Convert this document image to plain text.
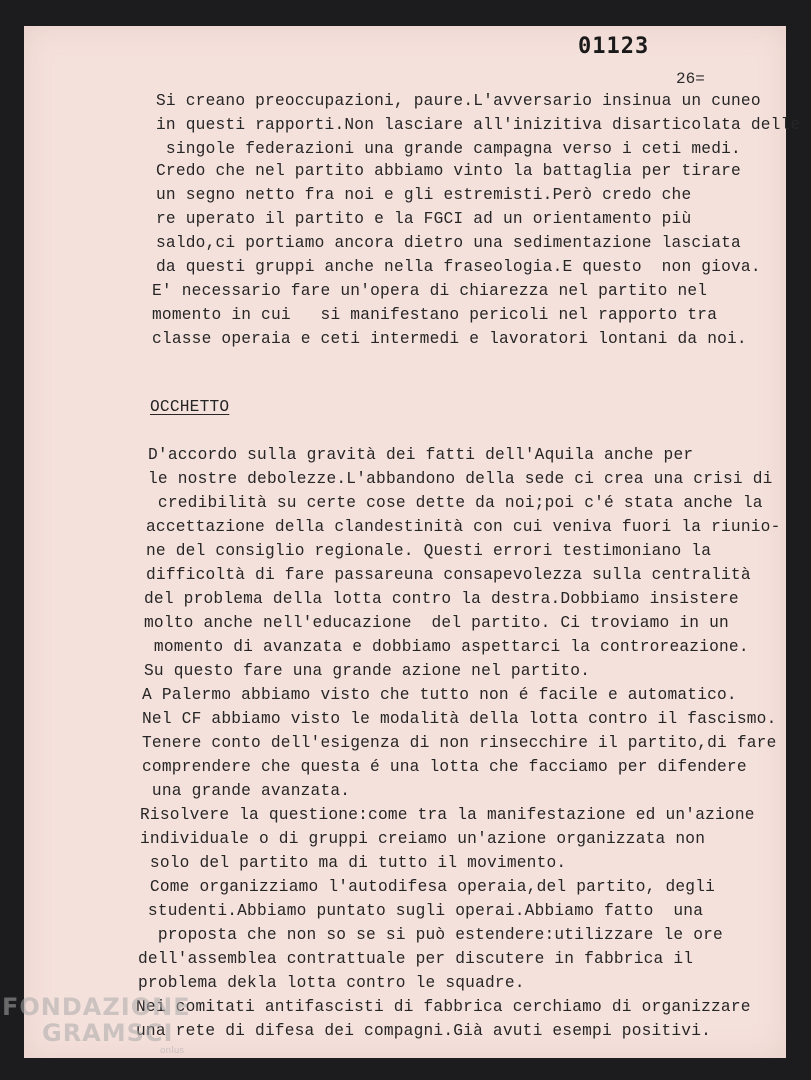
01123
26=
Si creano preoccupazioni, paure.L'avversario insinua un cuneo
in questi rapporti.Non lasciare all'inizitiva disarticolata delle
singole federazioni una grande campagna verso i ceti medi.
Credo che nel partito abbiamo vinto la battaglia per tirare
un segno netto fra noi e gli estremisti.Però credo che
re uperato il partito e la FGCI ad un orientamento più
saldo,ci portiamo ancora dietro una sedimentazione lasciata
da questi gruppi anche nella fraseologia.E questo  non giova.
E' necessario fare un'opera di chiarezza nel partito nel
momento in cui   si manifestano pericoli nel rapporto tra
classe operaia e ceti intermedi e lavoratori lontani da noi.
OCCHETTO
D'accordo sulla gravità dei fatti dell'Aquila anche per
le nostre debolezze.L'abbandono della sede ci crea una crisi di
credibilità su certe cose dette da noi;poi c'é stata anche la
accettazione della clandestinità con cui veniva fuori la riunio-
ne del consiglio regionale. Questi errori testimoniano la
difficoltà di fare passareuna consapevolezza sulla centralità
del problema della lotta contro la destra.Dobbiamo insistere
molto anche nell'educazione  del partito. Ci troviamo in un
momento di avanzata e dobbiamo aspettarci la controreazione.
Su questo fare una grande azione nel partito.
A Palermo abbiamo visto che tutto non é facile e automatico.
Nel CF abbiamo visto le modalità della lotta contro il fascismo.
Tenere conto dell'esigenza di non rinsecchire il partito,di fare
comprendere che questa é una lotta che facciamo per difendere
una grande avanzata.
Risolvere la questione:come tra la manifestazione ed un'azione
individuale o di gruppi creiamo un'azione organizzata non
solo del partito ma di tutto il movimento.
Come organizziamo l'autodifesa operaia,del partito, degli
studenti.Abbiamo puntato sugli operai.Abbiamo fatto  una
proposta che non so se si può estendere:utilizzare le ore
dell'assemblea contrattuale per discutere in fabbrica il
problema dekla lotta contro le squadre.
Nei comitati antifascisti di fabbrica cerchiamo di organizzare
una rete di difesa dei compagni.Già avuti esempi positivi.
FONDAZIONE
GRAMSCI
onlus
